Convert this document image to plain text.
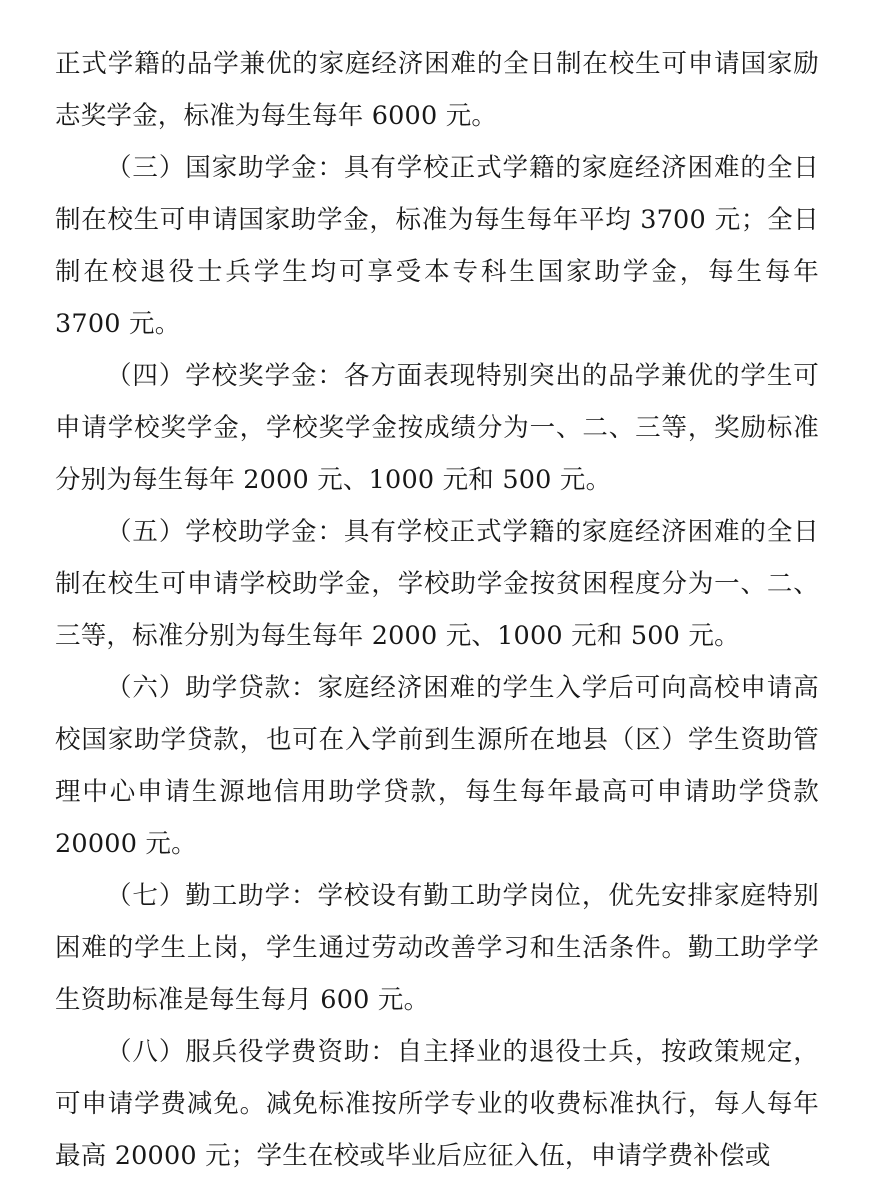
正式学籍的品学兼优的家庭经济困难的全日制在校生可申请国家励志奖学金，标准为每生每年 6000 元。

（三）国家助学金：具有学校正式学籍的家庭经济困难的全日制在校生可申请国家助学金，标准为每生每年平均 3700 元；全日制在校退役士兵学生均可享受本专科生国家助学金，每生每年 3700 元。

（四）学校奖学金：各方面表现特别突出的品学兼优的学生可申请学校奖学金，学校奖学金按成绩分为一、二、三等，奖励标准分别为每生每年 2000 元、1000 元和 500 元。

（五）学校助学金：具有学校正式学籍的家庭经济困难的全日制在校生可申请学校助学金，学校助学金按贫困程度分为一、二、三等，标准分别为每生每年 2000 元、1000 元和 500 元。

（六）助学贷款：家庭经济困难的学生入学后可向高校申请高校国家助学贷款，也可在入学前到生源所在地县（区）学生资助管理中心申请生源地信用助学贷款，每生每年最高可申请助学贷款 20000 元。

（七）勤工助学：学校设有勤工助学岗位，优先安排家庭特别困难的学生上岗，学生通过劳动改善学习和生活条件。勤工助学学生资助标准是每生每月 600 元。

（八）服兵役学费资助：自主择业的退役士兵，按政策规定，可申请学费减免。减免标准按所学专业的收费标准执行，每人每年最高 20000 元；学生在校或毕业后应征入伍，申请学费补偿或
